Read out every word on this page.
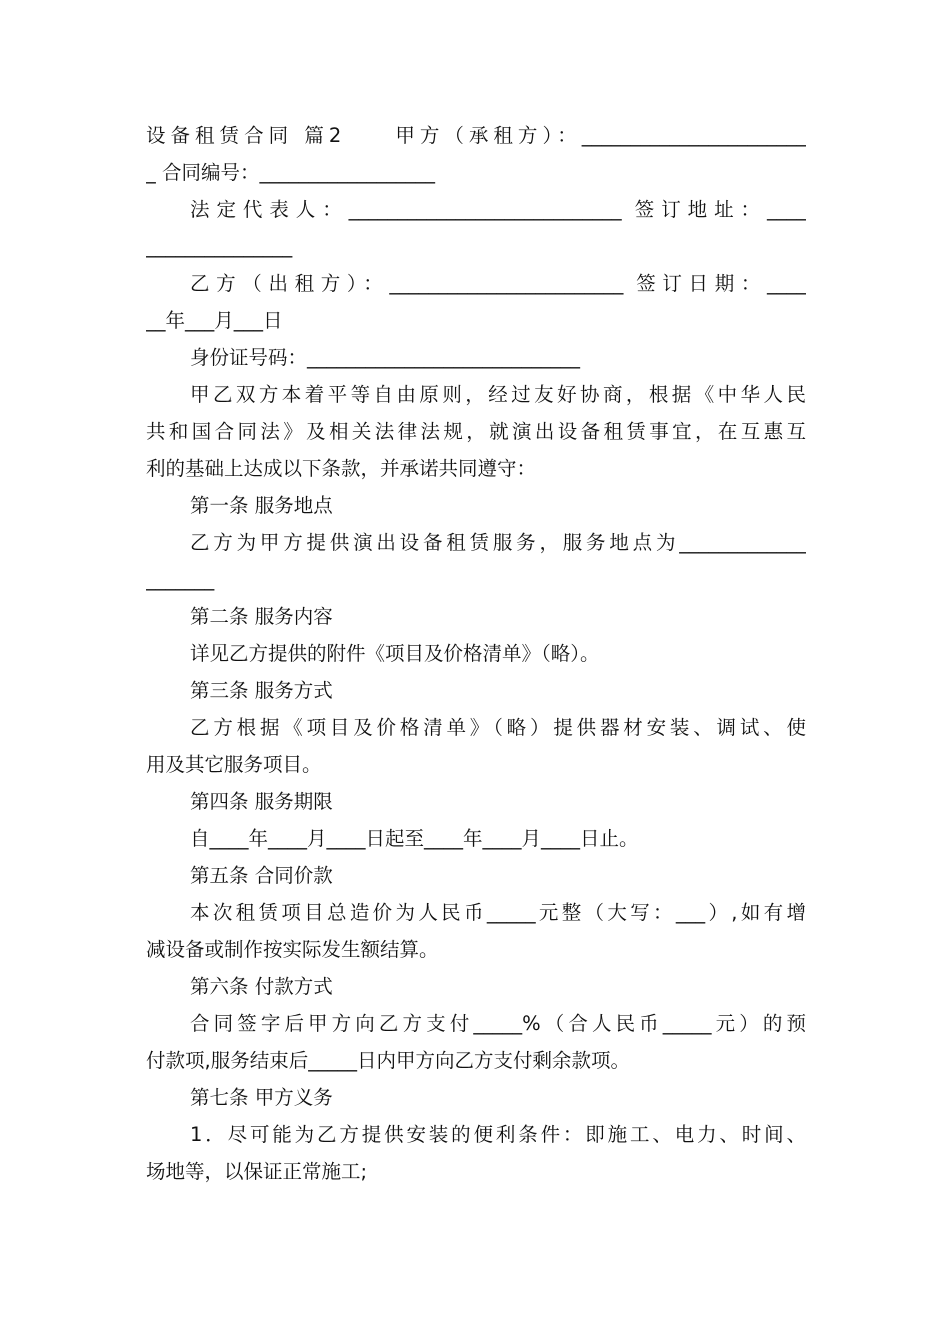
设备租赁合同 篇2　　甲方（承租方）：_______________________
_ 合同编号：__________________
法定代表人：____________________________ 签订地址：____
_______________
乙方（出租方）：________________________ 签订日期：____
__年___月___日
身份证号码：____________________________
甲乙双方本着平等自由原则，经过友好协商，根据《中华人民
共和国合同法》及相关法律法规，就演出设备租赁事宜，在互惠互
利的基础上达成以下条款，并承诺共同遵守：
第一条 服务地点
乙方为甲方提供演出设备租赁服务，服务地点为_____________
_______
第二条 服务内容
详见乙方提供的附件《项目及价格清单》（略）。
第三条 服务方式
乙方根据《项目及价格清单》（略）提供器材安装、调试、使
用及其它服务项目。
第四条 服务期限
自____年____月____日起至____年____月____日止。
第五条 合同价款
本次租赁项目总造价为人民币_____元整（大写：___）,如有增
减设备或制作按实际发生额结算。
第六条 付款方式
合同签字后甲方向乙方支付_____%（合人民币_____元）的预
付款项,服务结束后_____日内甲方向乙方支付剩余款项。
第七条 甲方义务
1．尽可能为乙方提供安装的便利条件：即施工、电力、时间、
场地等，以保证正常施工;
